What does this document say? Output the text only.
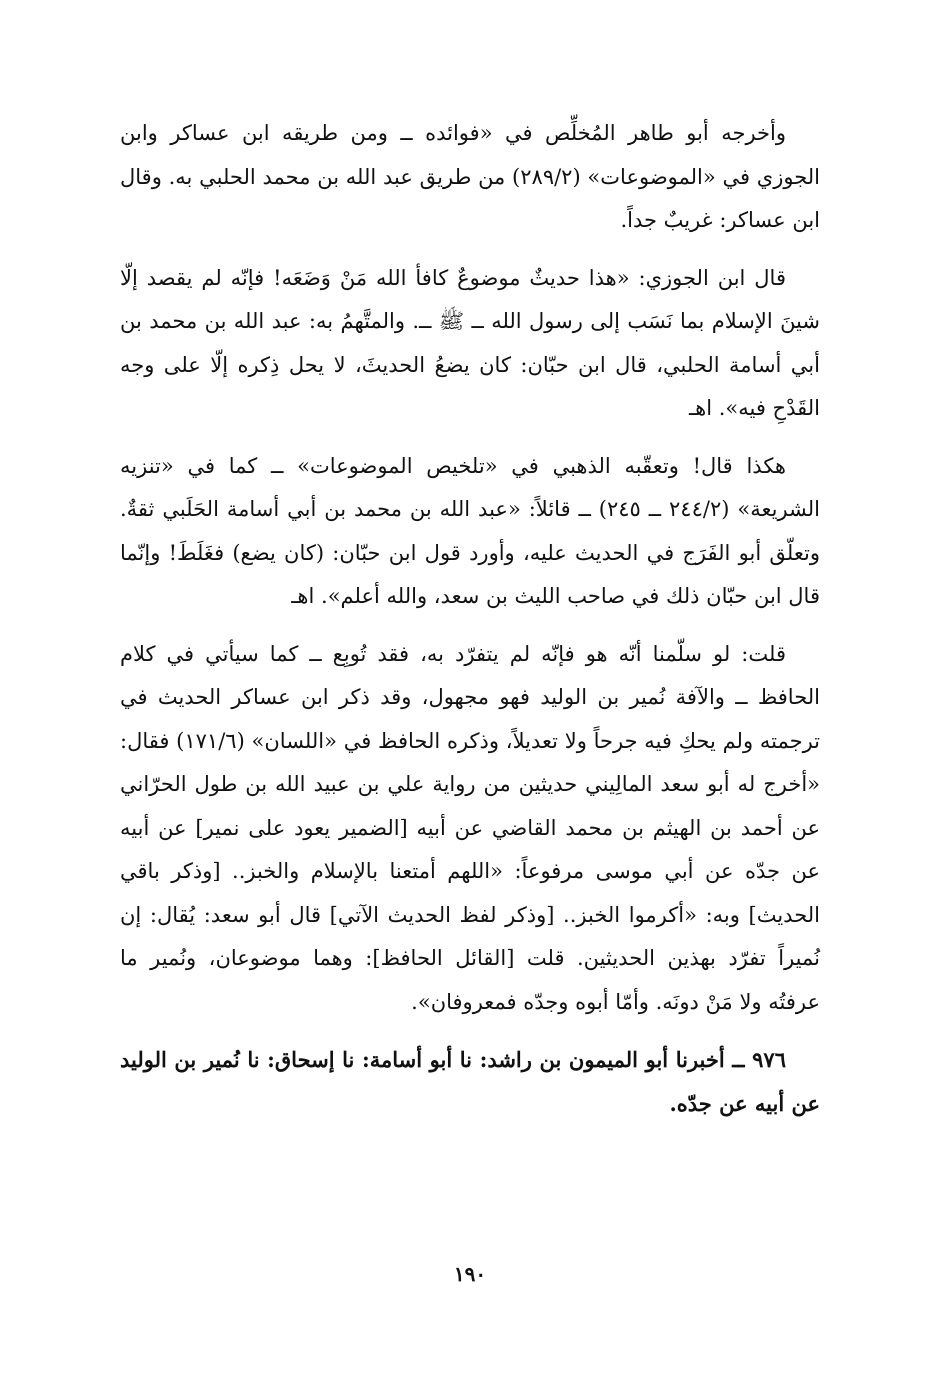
وأخرجه أبو طاهر المُخلِّص في «فوائده ــ ومن طريقه ابن عساكر وابن الجوزي في «الموضوعات» (٢٨٩/٢) من طريق عبد الله بن محمد الحلبي به. وقال ابن عساكر: غريبٌ جداً.

قال ابن الجوزي: «هذا حديثٌ موضوعٌ كافأ الله مَنْ وَضَعَه! فإنّه لم يقصد إلّا شينَ الإسلام بما نَسَب إلى رسول الله ــ ﷺ ــ. والمتَّهمُ به: عبد الله بن محمد بن أبي أسامة الحلبي، قال ابن حبّان: كان يضعُ الحديثَ، لا يحل ذِكره إلّا على وجه القَدْحِ فيه». اهـ

هكذا قال! وتعقّبه الذهبي في «تلخيص الموضوعات» ــ كما في «تنزيه الشريعة» (٢٤٤/٢ ــ ٢٤٥) ــ قائلاً: «عبد الله بن محمد بن أبي أسامة الحَلَبي ثقةٌ. وتعلّق أبو الفَرَج في الحديث عليه، وأورد قول ابن حبّان: (كان يضع) فغَلَطَ! وإنّما قال ابن حبّان ذلك في صاحب الليث بن سعد، والله أعلم». اهـ

قلت: لو سلّمنا أنّه هو فإنّه لم يتفرّد به، فقد تُوبِع ــ كما سيأتي في كلام الحافظ ــ والآفة نُمير بن الوليد فهو مجهول، وقد ذكر ابن عساكر الحديث في ترجمته ولم يحكِ فيه جرحاً ولا تعديلاً، وذكره الحافظ في «اللسان» (١٧١/٦) فقال: «أخرج له أبو سعد المالِيني حديثين من رواية علي بن عبيد الله بن طول الحرّاني عن أحمد بن الهيثم بن محمد القاضي عن أبيه [الضمير يعود على نمير] عن أبيه عن جدّه عن أبي موسى مرفوعاً: «اللهم أمتعنا بالإسلام والخبز.. [وذكر باقي الحديث] وبه: «أكرموا الخبز.. [وذكر لفظ الحديث الآتي] قال أبو سعد: يُقال: إن نُميراً تفرّد بهذين الحديثين. قلت [القائل الحافظ]: وهما موضوعان، ونُمير ما عرفتُه ولا مَنْ دونَه. وأمّا أبوه وجدّه فمعروفان».

٩٧٦ ــ أخبرنا أبو الميمون بن راشد: نا أبو أسامة: نا إسحاق: نا نُمير بن الوليد عن أبيه عن جدّه.

١٩٠
